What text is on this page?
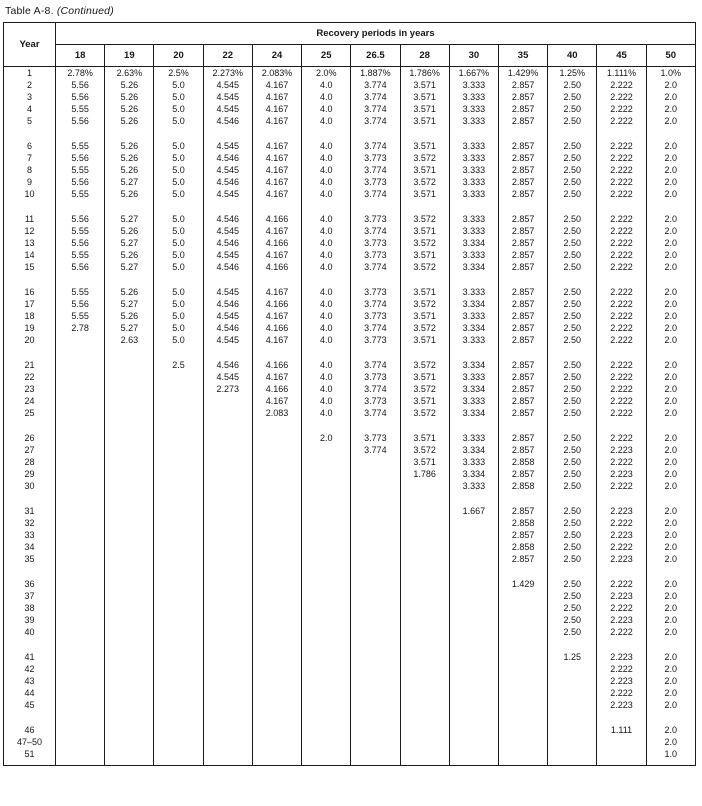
Table A-8. (Continued)
Year	Recovery periods in years												
	18	19	20	22	24	25	26.5	28	30	35	40	45	50
1	2.78%	2.63%	2.5%	2.273%	2.083%	2.0%	1.887%	1.786%	1.667%	1.429%	1.25%	1.111%	1.0%
2	5.56	5.26	5.0	4.545	4.167	4.0	3.774	3.571	3.333	2.857	2.50	2.222	2.0
3	5.56	5.26	5.0	4.545	4.167	4.0	3.774	3.571	3.333	2.857	2.50	2.222	2.0
4	5.55	5.26	5.0	4.545	4.167	4.0	3.774	3.571	3.333	2.857	2.50	2.222	2.0
5	5.56	5.26	5.0	4.546	4.167	4.0	3.774	3.571	3.333	2.857	2.50	2.222	2.0

6	5.55	5.26	5.0	4.545	4.167	4.0	3.774	3.571	3.333	2.857	2.50	2.222	2.0
7	5.56	5.26	5.0	4.546	4.167	4.0	3.773	3.572	3.333	2.857	2.50	2.222	2.0
8	5.55	5.26	5.0	4.545	4.167	4.0	3.774	3.571	3.333	2.857	2.50	2.222	2.0
9	5.56	5.27	5.0	4.546	4.167	4.0	3.773	3.572	3.333	2.857	2.50	2.222	2.0
10	5.55	5.26	5.0	4.545	4.167	4.0	3.774	3.571	3.333	2.857	2.50	2.222	2.0

11	5.56	5.27	5.0	4.546	4.166	4.0	3.773	3.572	3.333	2.857	2.50	2.222	2.0
12	5.55	5.26	5.0	4.545	4.167	4.0	3.774	3.571	3.333	2.857	2.50	2.222	2.0
13	5.56	5.27	5.0	4.546	4.166	4.0	3.773	3.572	3.334	2.857	2.50	2.222	2.0
14	5.55	5.26	5.0	4.545	4.167	4.0	3.773	3.571	3.333	2.857	2.50	2.222	2.0
15	5.56	5.27	5.0	4.546	4.166	4.0	3.774	3.572	3.334	2.857	2.50	2.222	2.0

16	5.55	5.26	5.0	4.545	4.167	4.0	3.773	3.571	3.333	2.857	2.50	2.222	2.0
17	5.56	5.27	5.0	4.546	4.166	4.0	3.774	3.572	3.334	2.857	2.50	2.222	2.0
18	5.55	5.26	5.0	4.545	4.167	4.0	3.773	3.571	3.333	2.857	2.50	2.222	2.0
19	2.78	5.27	5.0	4.546	4.166	4.0	3.774	3.572	3.334	2.857	2.50	2.222	2.0
20		2.63	5.0	4.545	4.167	4.0	3.773	3.571	3.333	2.857	2.50	2.222	2.0

21			2.5	4.546	4.166	4.0	3.774	3.572	3.334	2.857	2.50	2.222	2.0
22				4.545	4.167	4.0	3.773	3.571	3.333	2.857	2.50	2.222	2.0
23				2.273	4.166	4.0	3.774	3.572	3.334	2.857	2.50	2.222	2.0
24					4.167	4.0	3.773	3.571	3.333	2.857	2.50	2.222	2.0
25					2.083	4.0	3.774	3.572	3.334	2.857	2.50	2.222	2.0

26						2.0	3.773	3.571	3.333	2.857	2.50	2.222	2.0
27							3.774	3.572	3.334	2.857	2.50	2.223	2.0
28								3.571	3.333	2.858	2.50	2.222	2.0
29								1.786	3.334	2.857	2.50	2.223	2.0
30									3.333	2.858	2.50	2.222	2.0

31									1.667	2.857	2.50	2.223	2.0
32										2.858	2.50	2.222	2.0
33										2.857	2.50	2.223	2.0
34										2.858	2.50	2.222	2.0
35										2.857	2.50	2.223	2.0

36										1.429	2.50	2.222	2.0
37											2.50	2.223	2.0
38											2.50	2.222	2.0
39											2.50	2.223	2.0
40											2.50	2.222	2.0

41											1.25	2.223	2.0
42												2.222	2.0
43												2.223	2.0
44												2.222	2.0
45												2.223	2.0

46												1.111	2.0
47–50													2.0
51													1.0
